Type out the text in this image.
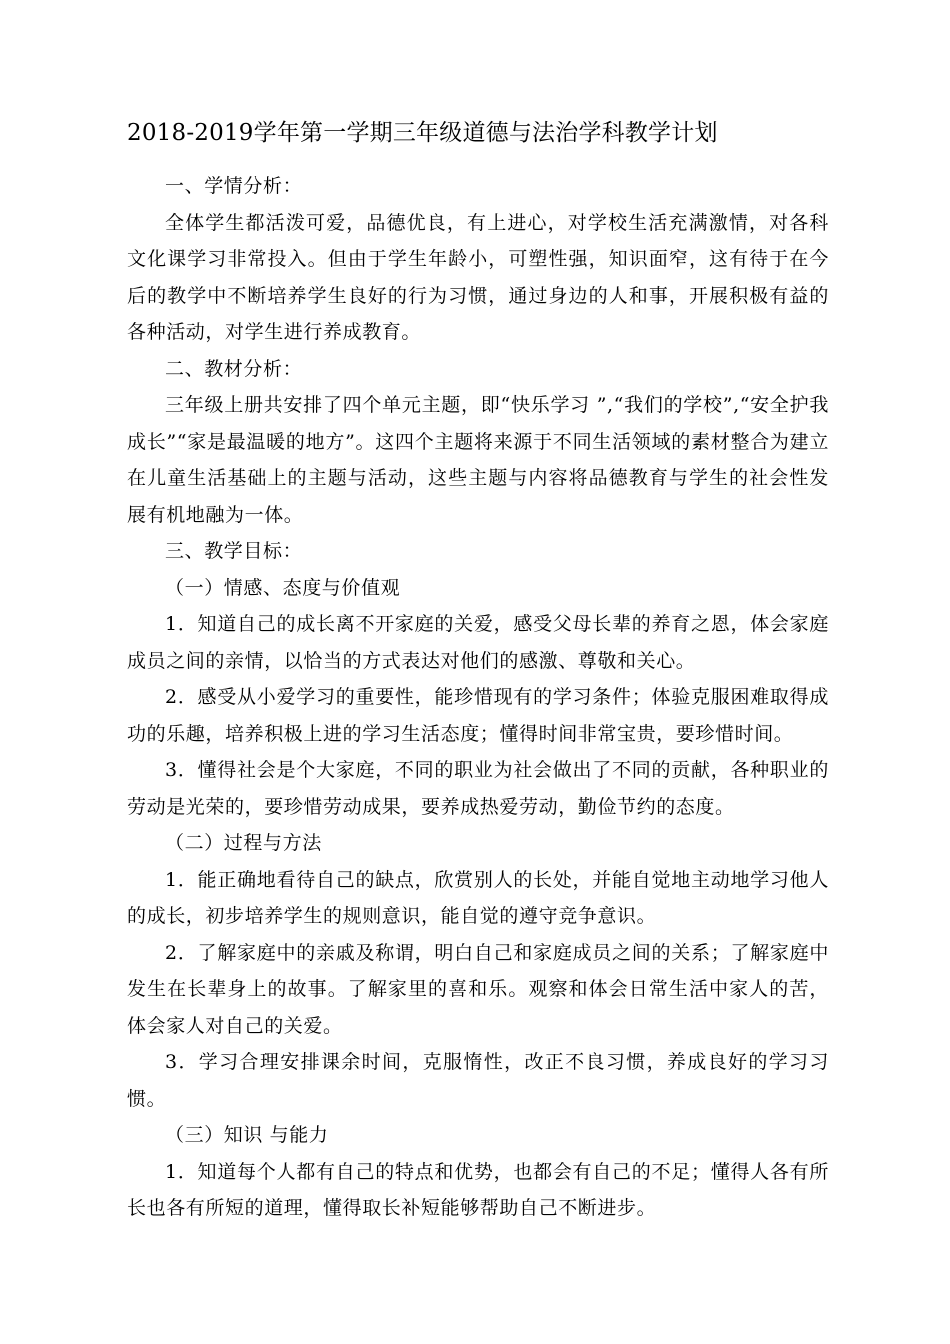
2018-2019学年第一学期三年级道德与法治学科教学计划

一、学情分析：

全体学生都活泼可爱，品德优良，有上进心，对学校生活充满激情，对各科文化课学习非常投入。但由于学生年龄小，可塑性强，知识面窄，这有待于在今后的教学中不断培养学生良好的行为习惯，通过身边的人和事，开展积极有益的各种活动，对学生进行养成教育。

二、教材分析：

三年级上册共安排了四个单元主题，即“快乐学习 ”,“我们的学校”,“安全护我成长”“家是最温暖的地方”。这四个主题将来源于不同生活领域的素材整合为建立在儿童生活基础上的主题与活动，这些主题与内容将品德教育与学生的社会性发展有机地融为一体。

三、教学目标：

（一）情感、态度与价值观

1．知道自己的成长离不开家庭的关爱，感受父母长辈的养育之恩，体会家庭成员之间的亲情，以恰当的方式表达对他们的感激、尊敬和关心。

2．感受从小爱学习的重要性，能珍惜现有的学习条件；体验克服困难取得成功的乐趣，培养积极上进的学习生活态度；懂得时间非常宝贵，要珍惜时间。

3．懂得社会是个大家庭，不同的职业为社会做出了不同的贡献，各种职业的劳动是光荣的，要珍惜劳动成果，要养成热爱劳动，勤俭节约的态度。

（二）过程与方法

1．能正确地看待自己的缺点，欣赏别人的长处，并能自觉地主动地学习他人的成长，初步培养学生的规则意识，能自觉的遵守竞争意识。

2．了解家庭中的亲戚及称谓，明白自己和家庭成员之间的关系；了解家庭中发生在长辈身上的故事。了解家里的喜和乐。观察和体会日常生活中家人的苦，体会家人对自己的关爱。

3．学习合理安排课余时间，克服惰性，改正不良习惯，养成良好的学习习惯。

（三）知识 与能力

1．知道每个人都有自己的特点和优势，也都会有自己的不足；懂得人各有所长也各有所短的道理，懂得取长补短能够帮助自己不断进步。
